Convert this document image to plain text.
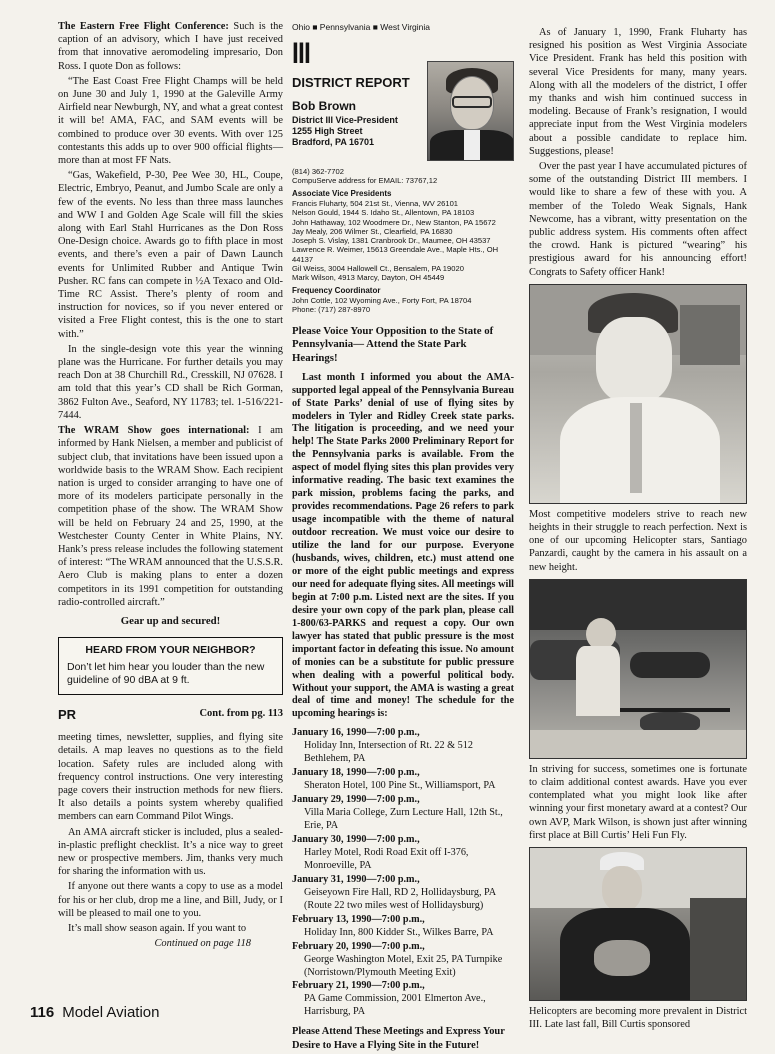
The Eastern Free Flight Conference: Such is the caption of an advisory, which I have just received from that innovative aeromodeling impresario, Don Ross. I quote Don as follows:

“The East Coast Free Flight Champs will be held on June 30 and July 1, 1990 at the Galeville Army Airfield near Newburgh, NY, and what a great contest it will be! AMA, FAC, and SAM events will be combined to produce over 30 events. With over 125 contestants this adds up to over 900 official flights—more than at most FF Nats.

“Gas, Wakefield, P-30, Pee Wee 30, HL, Coupe, Electric, Embryo, Peanut, and Jumbo Scale are only a few of the events. No less than three mass launches and WW I and Golden Age Scale will fill the skies along with Earl Stahl Hurricanes as the Don Ross One-Design choice. Awards go to fifth place in most events, and there’s even a pair of Dawn Launch events for Unlimited Rubber and Antique Twin Pusher. RC fans can compete in ½A Texaco and Old-Time RC Assist. There’s plenty of room and instruction for novices, so if you never entered or visited a Free Flight contest, this is the one to start with.”

In the single-design vote this year the winning plane was the Hurricane. For further details you may reach Don at 38 Churchill Rd., Cresskill, NJ 07628. I am told that this year’s CD shall be Rich Gorman, 3862 Fulton Ave., Seaford, NY 11783; tel. 1-516/221-7444.

The WRAM Show goes international: I am informed by Hank Nielsen, a member and publicist of subject club, that invitations have been issued upon a worldwide basis to the WRAM Show. Each recipient nation is urged to consider arranging to have one of more of its modelers participate personally in the competition phase of the show. The WRAM Show will be held on February 24 and 25, 1990, at the Westchester County Center in White Plains, NY. Hank’s press release includes the following statement of interest: “The WRAM announced that the U.S.S.R. Aero Club is making plans to enter a dozen competitors in its 1991 competition for outstanding radio-controlled aircraft.”

Gear up and secured!
HEARD FROM YOUR NEIGHBOR?
Don’t let him hear you louder than the new guideline of 90 dBA at 9 ft.
PR	Cont. from pg. 113

meeting times, newsletter, supplies, and flying site details. A map leaves no questions as to the field location. Safety rules are included along with frequency control instructions. One very interesting page covers their instruction methods for new fliers. It also details a points system whereby qualified members can earn Command Pilot Wings.

An AMA aircraft sticker is included, plus a sealed-in-plastic preflight checklist. It’s a nice way to greet new or prospective members. Jim, thanks very much for sharing the information with us.

If anyone out there wants a copy to use as a model for his or her club, drop me a line, and Bill, Judy, or I will be pleased to mail one to you.

It’s mall show season again. If you want to

Continued on page 118
Ohio ■ Pennsylvania ■ West Virginia
III
DISTRICT REPORT
Bob Brown
District III Vice-President
1255 High Street
Bradford, PA 16701
(814) 362-7702
CompuServe address for EMAIL: 73767,12
Associate Vice Presidents
Francis Fluharty, 504 21st St., Vienna, WV 26101
Nelson Gould, 1944 S. Idaho St., Allentown, PA 18103
John Hathaway, 102 Woodmere Dr., New Stanton, PA 15672
Jay Mealy, 206 Wilmer St., Clearfield, PA 16830
Joseph S. Vislay, 1381 Cranbrook Dr., Maumee, OH 43537
Lawrence R. Weimer, 15613 Greendale Ave., Maple Hts., OH 44137
Gil Weiss, 3004 Hallowell Ct., Bensalem, PA 19020
Mark Wilson, 4913 Marcy, Dayton, OH 45449
Frequency Coordinator
John Cottle, 102 Wyoming Ave., Forty Fort, PA 18704
Phone: (717) 287-8970
Please Voice Your Opposition to the State of Pennsylvania— Attend the State Park Hearings!

Last month I informed you about the AMA-supported legal appeal of the Pennsylvania Bureau of State Parks’ denial of use of flying sites by modelers in Tyler and Ridley Creek state parks. The litigation is proceeding, and we need your help! The State Parks 2000 Preliminary Report for the Pennsylvania parks is available. From the aspect of model flying sites this plan provides very informative reading. The basic text examines the park mission, problems facing the parks, and provides recommendations. Page 26 refers to park usage incompatible with the theme of natural outdoor recreation. We must voice our desire to utilize the land for our purpose. Everyone (husbands, wives, children, etc.) must attend one or more of the eight public meetings and express our need for adequate flying sites. All meetings will begin at 7:00 p.m. Listed next are the sites. If you desire your own copy of the park plan, please call 1-800/63-PARKS and request a copy. Our own lawyer has stated that public pressure is the most important factor in defeating this issue. No amount of monies can be a substitute for public pressure when dealing with a powerful political body. Without your support, the AMA is wasting a great deal of time and money! The schedule for the upcoming hearings is:

January 16, 1990—7:00 p.m.,
Holiday Inn, Intersection of Rt. 22 & 512 Bethlehem, PA
January 18, 1990—7:00 p.m.,
Sheraton Hotel, 100 Pine St., Williamsport, PA
January 29, 1990—7:00 p.m.,
Villa Maria College, Zurn Lecture Hall, 12th St., Erie, PA
January 30, 1990—7:00 p.m.,
Harley Motel, Rodi Road Exit off I-376, Monroeville, PA
January 31, 1990—7:00 p.m.,
Geiseyown Fire Hall, RD 2, Hollidaysburg, PA (Route 22 two miles west of Hollidaysburg)
February 13, 1990—7:00 p.m.,
Holiday Inn, 800 Kidder St., Wilkes Barre, PA
February 20, 1990—7:00 p.m.,
George Washington Motel, Exit 25, PA Turnpike (Norristown/Plymouth Meeting Exit)
February 21, 1990—7:00 p.m.,
PA Game Commission, 2001 Elmerton Ave., Harrisburg, PA
Please Attend These Meetings and Express Your Desire to Have a Flying Site in the Future!

As of January 1, 1990, Frank Fluharty has resigned his position as West Virginia Associate Vice President. Frank has held this position with several Vice Presidents for many, many years. Along with all the modelers of the district, I offer my thanks and wish him continued success in modeling. Because of Frank’s resignation, I would appreciate input from the West Virginia modelers about a possible candidate to replace him. Suggestions, please!

Over the past year I have accumulated pictures of some of the outstanding District III members. I would like to share a few of these with you. A member of the Toledo Weak Signals, Hank Newcome, has a vibrant, witty presentation on the public address system. His comments often affect the crowd. Hank is pictured “wearing” his prestigious award for his announcing effort! Congrats to Safety officer Hank!

Most competitive modelers strive to reach new heights in their struggle to reach perfection. Next is one of our upcoming Helicopter stars, Santiago Panzardi, caught by the camera in his assault on a new height.
In striving for success, sometimes one is fortunate to claim additional contest awards. Have you ever contemplated what you might look like after winning your first monetary award at a contest? Our own AVP, Mark Wilson, is shown just after winning first place at Bill Curtis’ Heli Fun Fly.
Helicopters are becoming more prevalent in District III. Late last fall, Bill Curtis sponsored
116 Model Aviation
